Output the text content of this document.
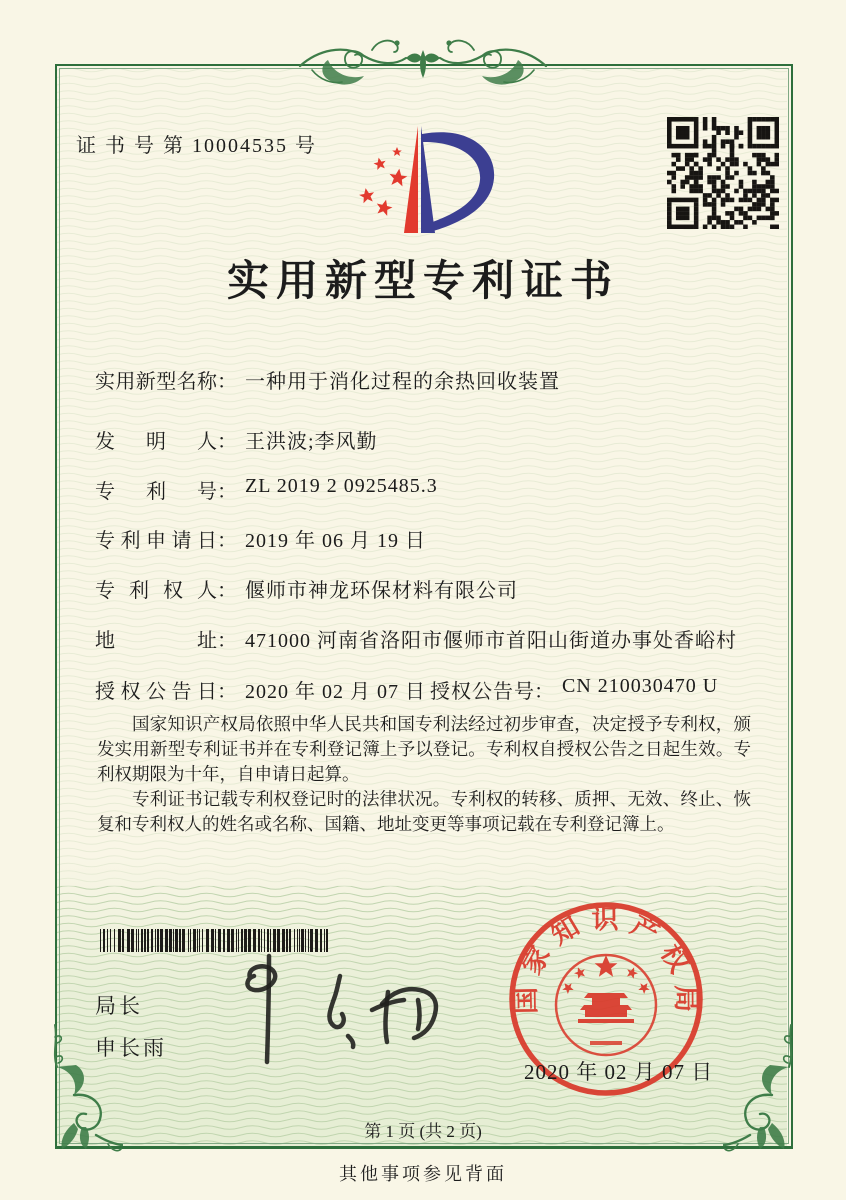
证 书 号 第 10004535 号
实用新型专利证书
实用新型名称： 一种用于消化过程的余热回收装置
发明人： 王洪波;李风勤
专利号： ZL 2019 2 0925485.3
专利申请日： 2019 年 06 月 19 日
专利权人： 偃师市神龙环保材料有限公司
地址： 471000 河南省洛阳市偃师市首阳山街道办事处香峪村
授权公告日： 2020 年 02 月 07 日 授权公告号： CN 210030470 U

国家知识产权局依照中华人民共和国专利法经过初步审查，决定授予专利权，颁发实用新型专利证书并在专利登记簿上予以登记。专利权自授权公告之日起生效。专利权期限为十年，自申请日起算。

专利证书记载专利权登记时的法律状况。专利权的转移、质押、无效、终止、恢复和专利权人的姓名或名称、国籍、地址变更等事项记载在专利登记簿上。

局长
申长雨
国家知识产权局
2020 年 02 月 07 日
第 1 页 (共 2 页)
其他事项参见背面
